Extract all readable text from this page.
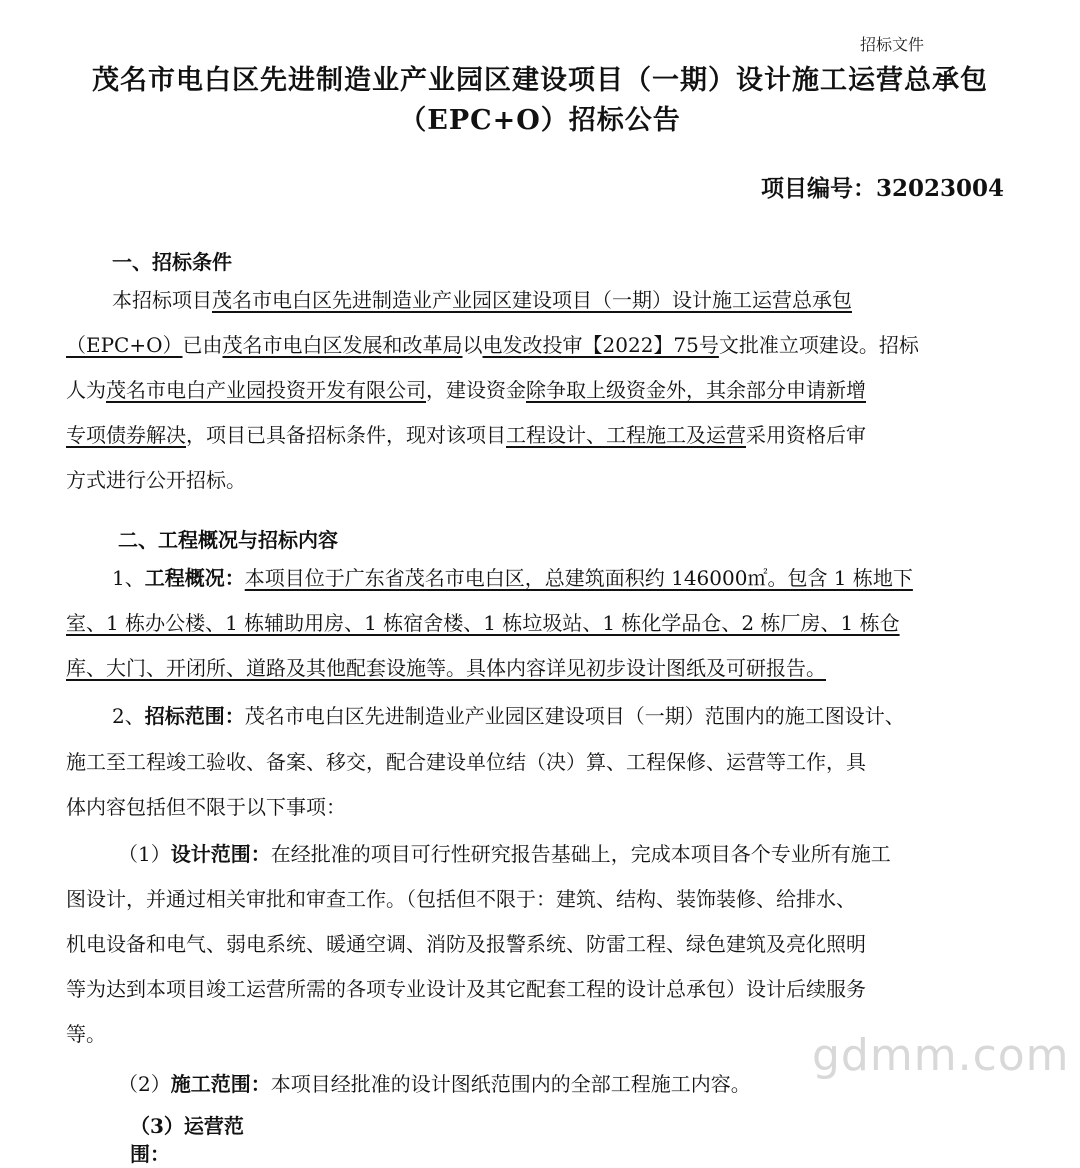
招标文件
茂名市电白区先进制造业产业园区建设项目（一期）设计施工运营总承包
（EPC+O）招标公告
项目编号：32023004
一、招标条件
本招标项目茂名市电白区先进制造业产业园区建设项目（一期）设计施工运营总承包
（EPC+O）已由茂名市电白区发展和改革局以电发改投审【2022】75号文批准立项建设。招标
人为茂名市电白产业园投资开发有限公司，建设资金除争取上级资金外，其余部分申请新增
专项债券解决，项目已具备招标条件，现对该项目工程设计、工程施工及运营采用资格后审
方式进行公开招标。
二、工程概况与招标内容
1、工程概况：本项目位于广东省茂名市电白区，总建筑面积约 146000㎡。包含 1 栋地下
室、1 栋办公楼、1 栋辅助用房、1 栋宿舍楼、1 栋垃圾站、1 栋化学品仓、2 栋厂房、1 栋仓
库、大门、开闭所、道路及其他配套设施等。具体内容详见初步设计图纸及可研报告。
2、招标范围：茂名市电白区先进制造业产业园区建设项目（一期）范围内的施工图设计、
施工至工程竣工验收、备案、移交，配合建设单位结（决）算、工程保修、运营等工作，具
体内容包括但不限于以下事项：
（1）设计范围：在经批准的项目可行性研究报告基础上，完成本项目各个专业所有施工
图设计，并通过相关审批和审查工作。（包括但不限于：建筑、结构、装饰装修、给排水、
机电设备和电气、弱电系统、暖通空调、消防及报警系统、防雷工程、绿色建筑及亮化照明
等为达到本项目竣工运营所需的各项专业设计及其它配套工程的设计总承包）设计后续服务
等。
（2）施工范围：本项目经批准的设计图纸范围内的全部工程施工内容。
（3）运营范围：
gdmm.com
